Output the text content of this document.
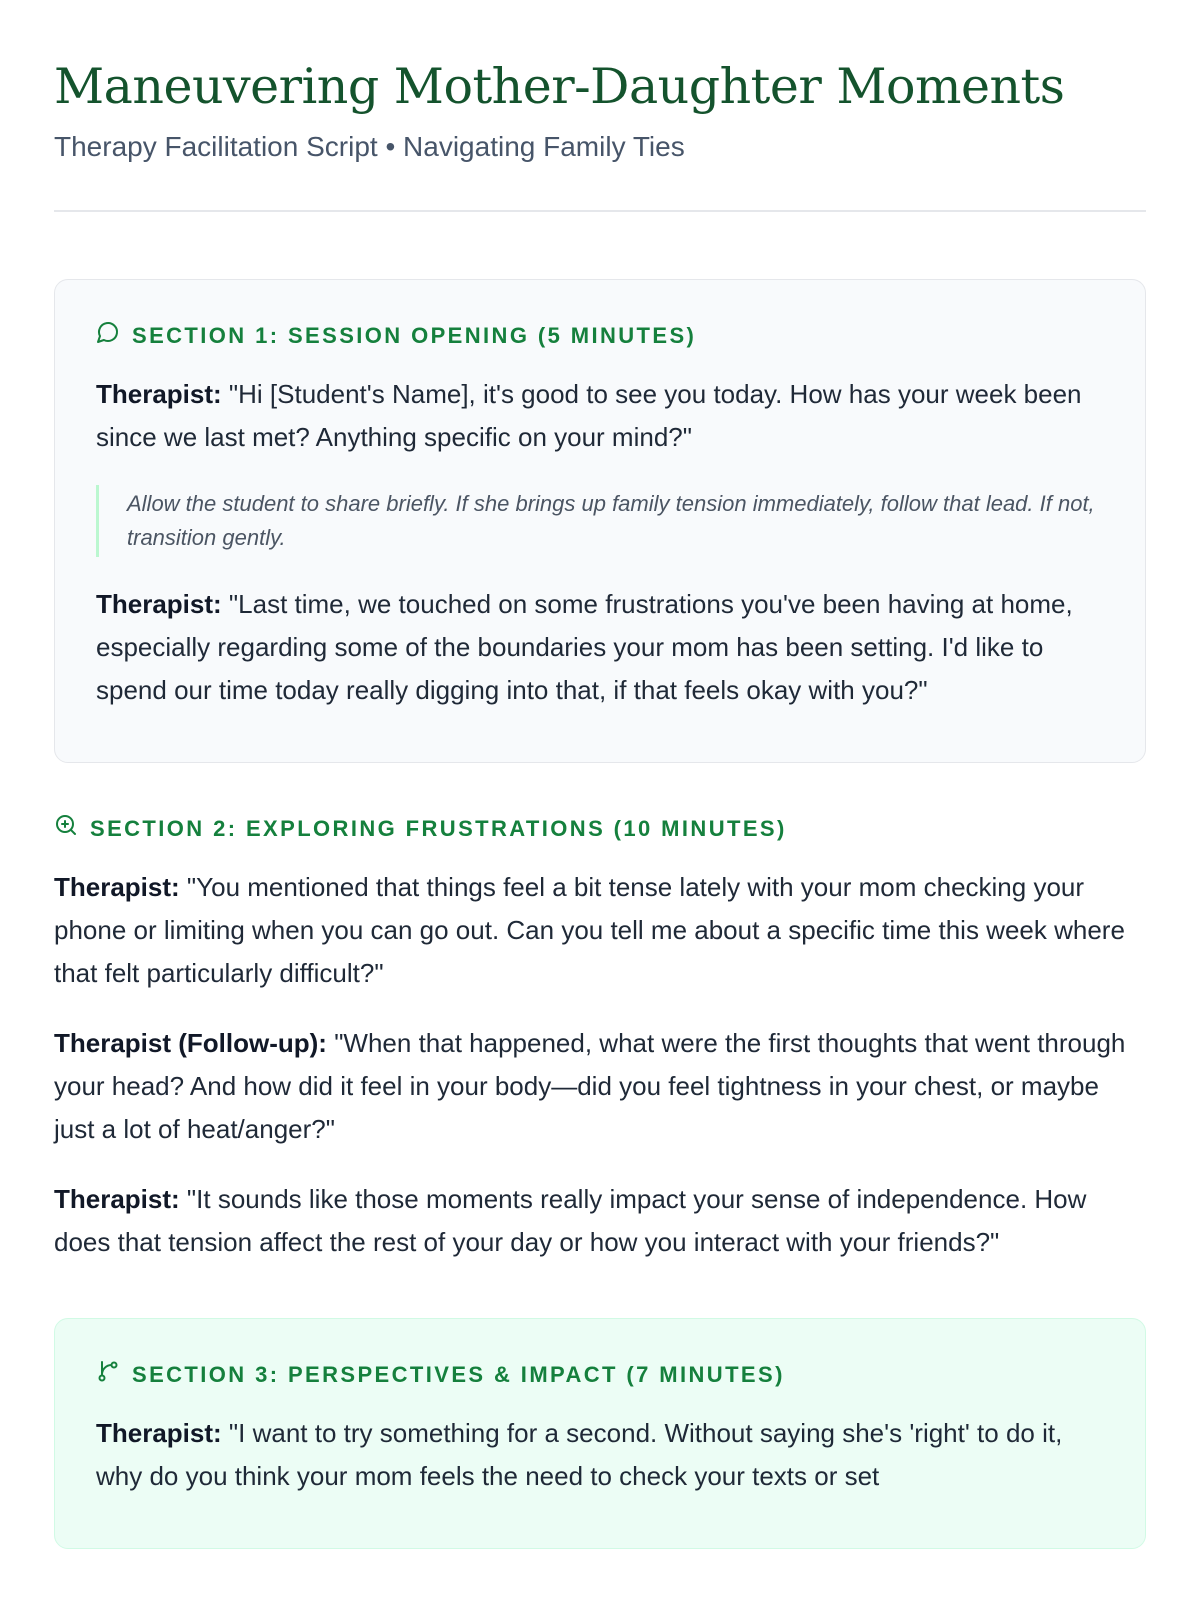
Maneuvering Mother-Daughter Moments
Therapy Facilitation Script • Navigating Family Ties
SECTION 1: SESSION OPENING (5 MINUTES)

Therapist: "Hi [Student's Name], it's good to see you today. How has your week been since we last met? Anything specific on your mind?"

Allow the student to share briefly. If she brings up family tension immediately, follow that lead. If not, transition gently.

Therapist: "Last time, we touched on some frustrations you've been having at home, especially regarding some of the boundaries your mom has been setting. I'd like to spend our time today really digging into that, if that feels okay with you?"

SECTION 2: EXPLORING FRUSTRATIONS (10 MINUTES)

Therapist: "You mentioned that things feel a bit tense lately with your mom checking your phone or limiting when you can go out. Can you tell me about a specific time this week where that felt particularly difficult?"

Therapist (Follow-up): "When that happened, what were the first thoughts that went through your head? And how did it feel in your body—did you feel tightness in your chest, or maybe just a lot of heat/anger?"

Therapist: "It sounds like those moments really impact your sense of independence. How does that tension affect the rest of your day or how you interact with your friends?"

SECTION 3: PERSPECTIVES & IMPACT (7 MINUTES)

Therapist: "I want to try something for a second. Without saying she's 'right' to do it, why do you think your mom feels the need to check your texts or set
